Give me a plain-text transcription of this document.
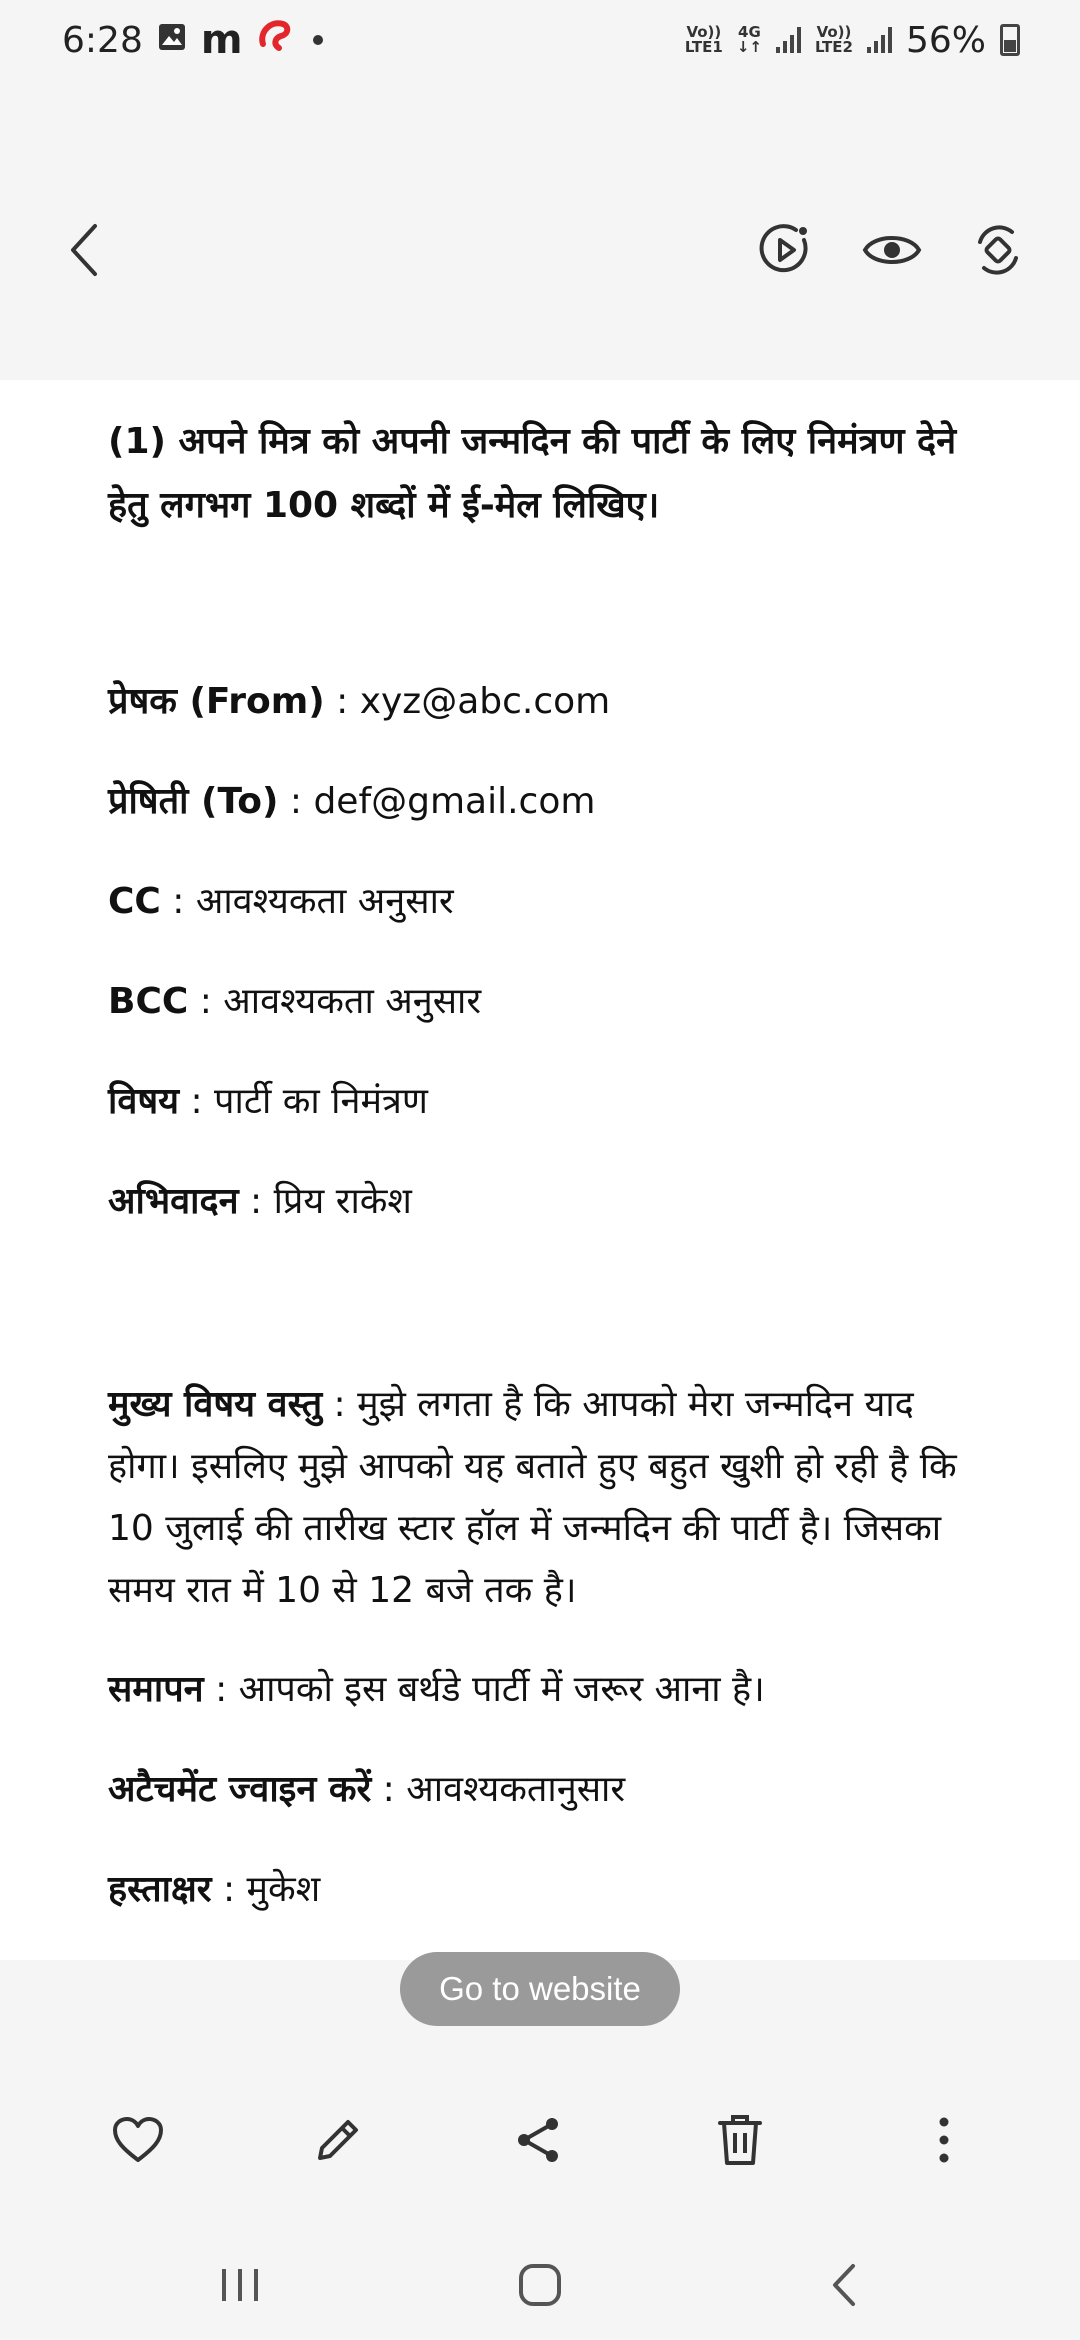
6:28 m	Vo))
LTE1
4G
↓↑
Vo))
LTE2 56%
(1) अपने मित्र को अपनी जन्मदिन की पार्टी के लिए निमंत्रण देने हेतु लगभग 100 शब्दों में ई-मेल लिखिए।
प्रेषक (From) : xyz@abc.com
प्रेषिती (To) : def@gmail.com
CC : आवश्यकता अनुसार
BCC : आवश्यकता अनुसार
विषय : पार्टी का निमंत्रण
अभिवादन : प्रिय राकेश
मुख्य विषय वस्तु : मुझे लगता है कि आपको मेरा जन्मदिन याद होगा। इसलिए मुझे आपको यह बताते हुए बहुत खुशी हो रही है कि 10 जुलाई की तारीख स्टार हॉल में जन्मदिन की पार्टी है। जिसका समय रात में 10 से 12 बजे तक है।
समापन : आपको इस बर्थडे पार्टी में जरूर आना है।
अटैचमेंट ज्वाइन करें : आवश्यकतानुसार
हस्ताक्षर : मुकेश
Go to website
